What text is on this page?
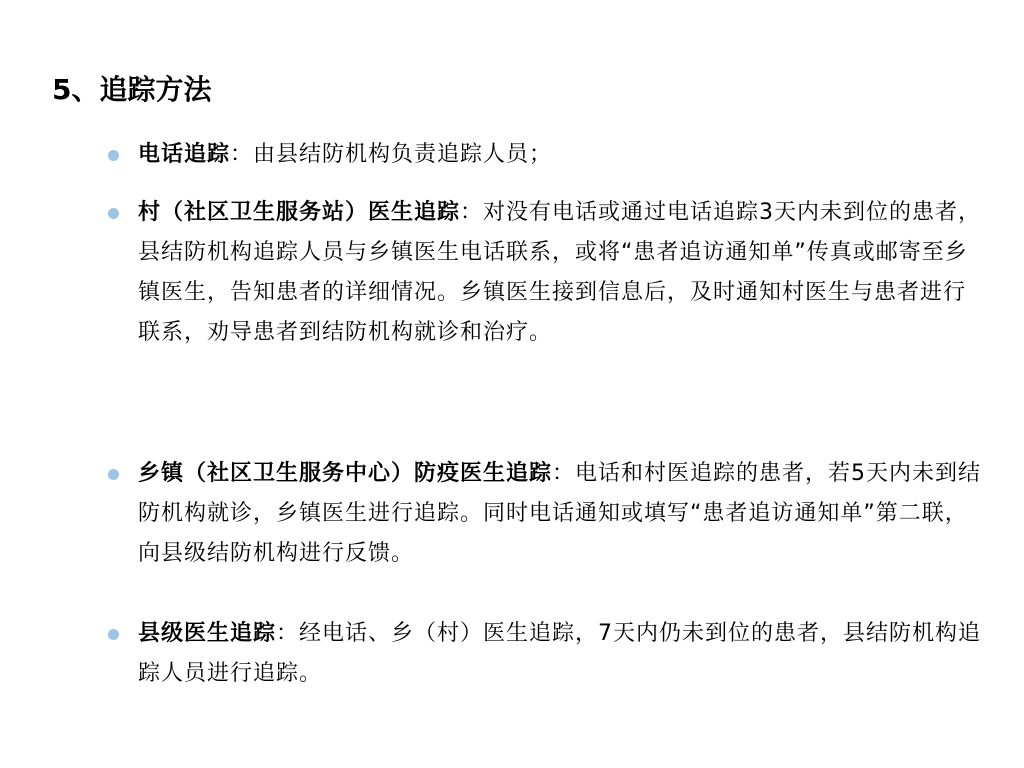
5、追踪方法
电话追踪：由县结防机构负责追踪人员；
村（社区卫生服务站）医生追踪：对没有电话或通过电话追踪3天内未到位的患者，县结防机构追踪人员与乡镇医生电话联系，或将“患者追访通知单”传真或邮寄至乡镇医生，告知患者的详细情况。乡镇医生接到信息后，及时通知村医生与患者进行联系，劝导患者到结防机构就诊和治疗。
乡镇（社区卫生服务中心）防疫医生追踪：电话和村医追踪的患者，若5天内未到结防机构就诊，乡镇医生进行追踪。同时电话通知或填写“患者追访通知单”第二联，向县级结防机构进行反馈。
县级医生追踪：经电话、乡（村）医生追踪，7天内仍未到位的患者，县结防机构追踪人员进行追踪。
